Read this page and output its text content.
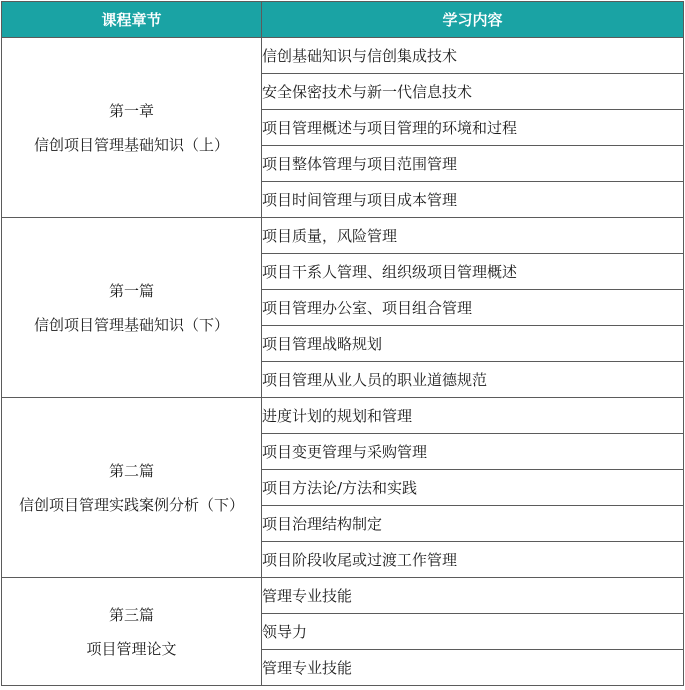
课程章节	学习内容

第一章
信创项目管理基础知识（上）	信创基础知识与信创集成技术
	安全保密技术与新一代信息技术
	项目管理概述与项目管理的环境和过程
	项目整体管理与项目范围管理
	项目时间管理与项目成本管理

第一篇
信创项目管理基础知识（下）	项目质量，风险管理
	项目干系人管理、组织级项目管理概述
	项目管理办公室、项目组合管理
	项目管理战略规划
	项目管理从业人员的职业道德规范

第二篇
信创项目管理实践案例分析（下）	进度计划的规划和管理
	项目变更管理与采购管理
	项目方法论/方法和实践
	项目治理结构制定
	项目阶段收尾或过渡工作管理

第三篇
项目管理论文	管理专业技能
	领导力
	管理专业技能
